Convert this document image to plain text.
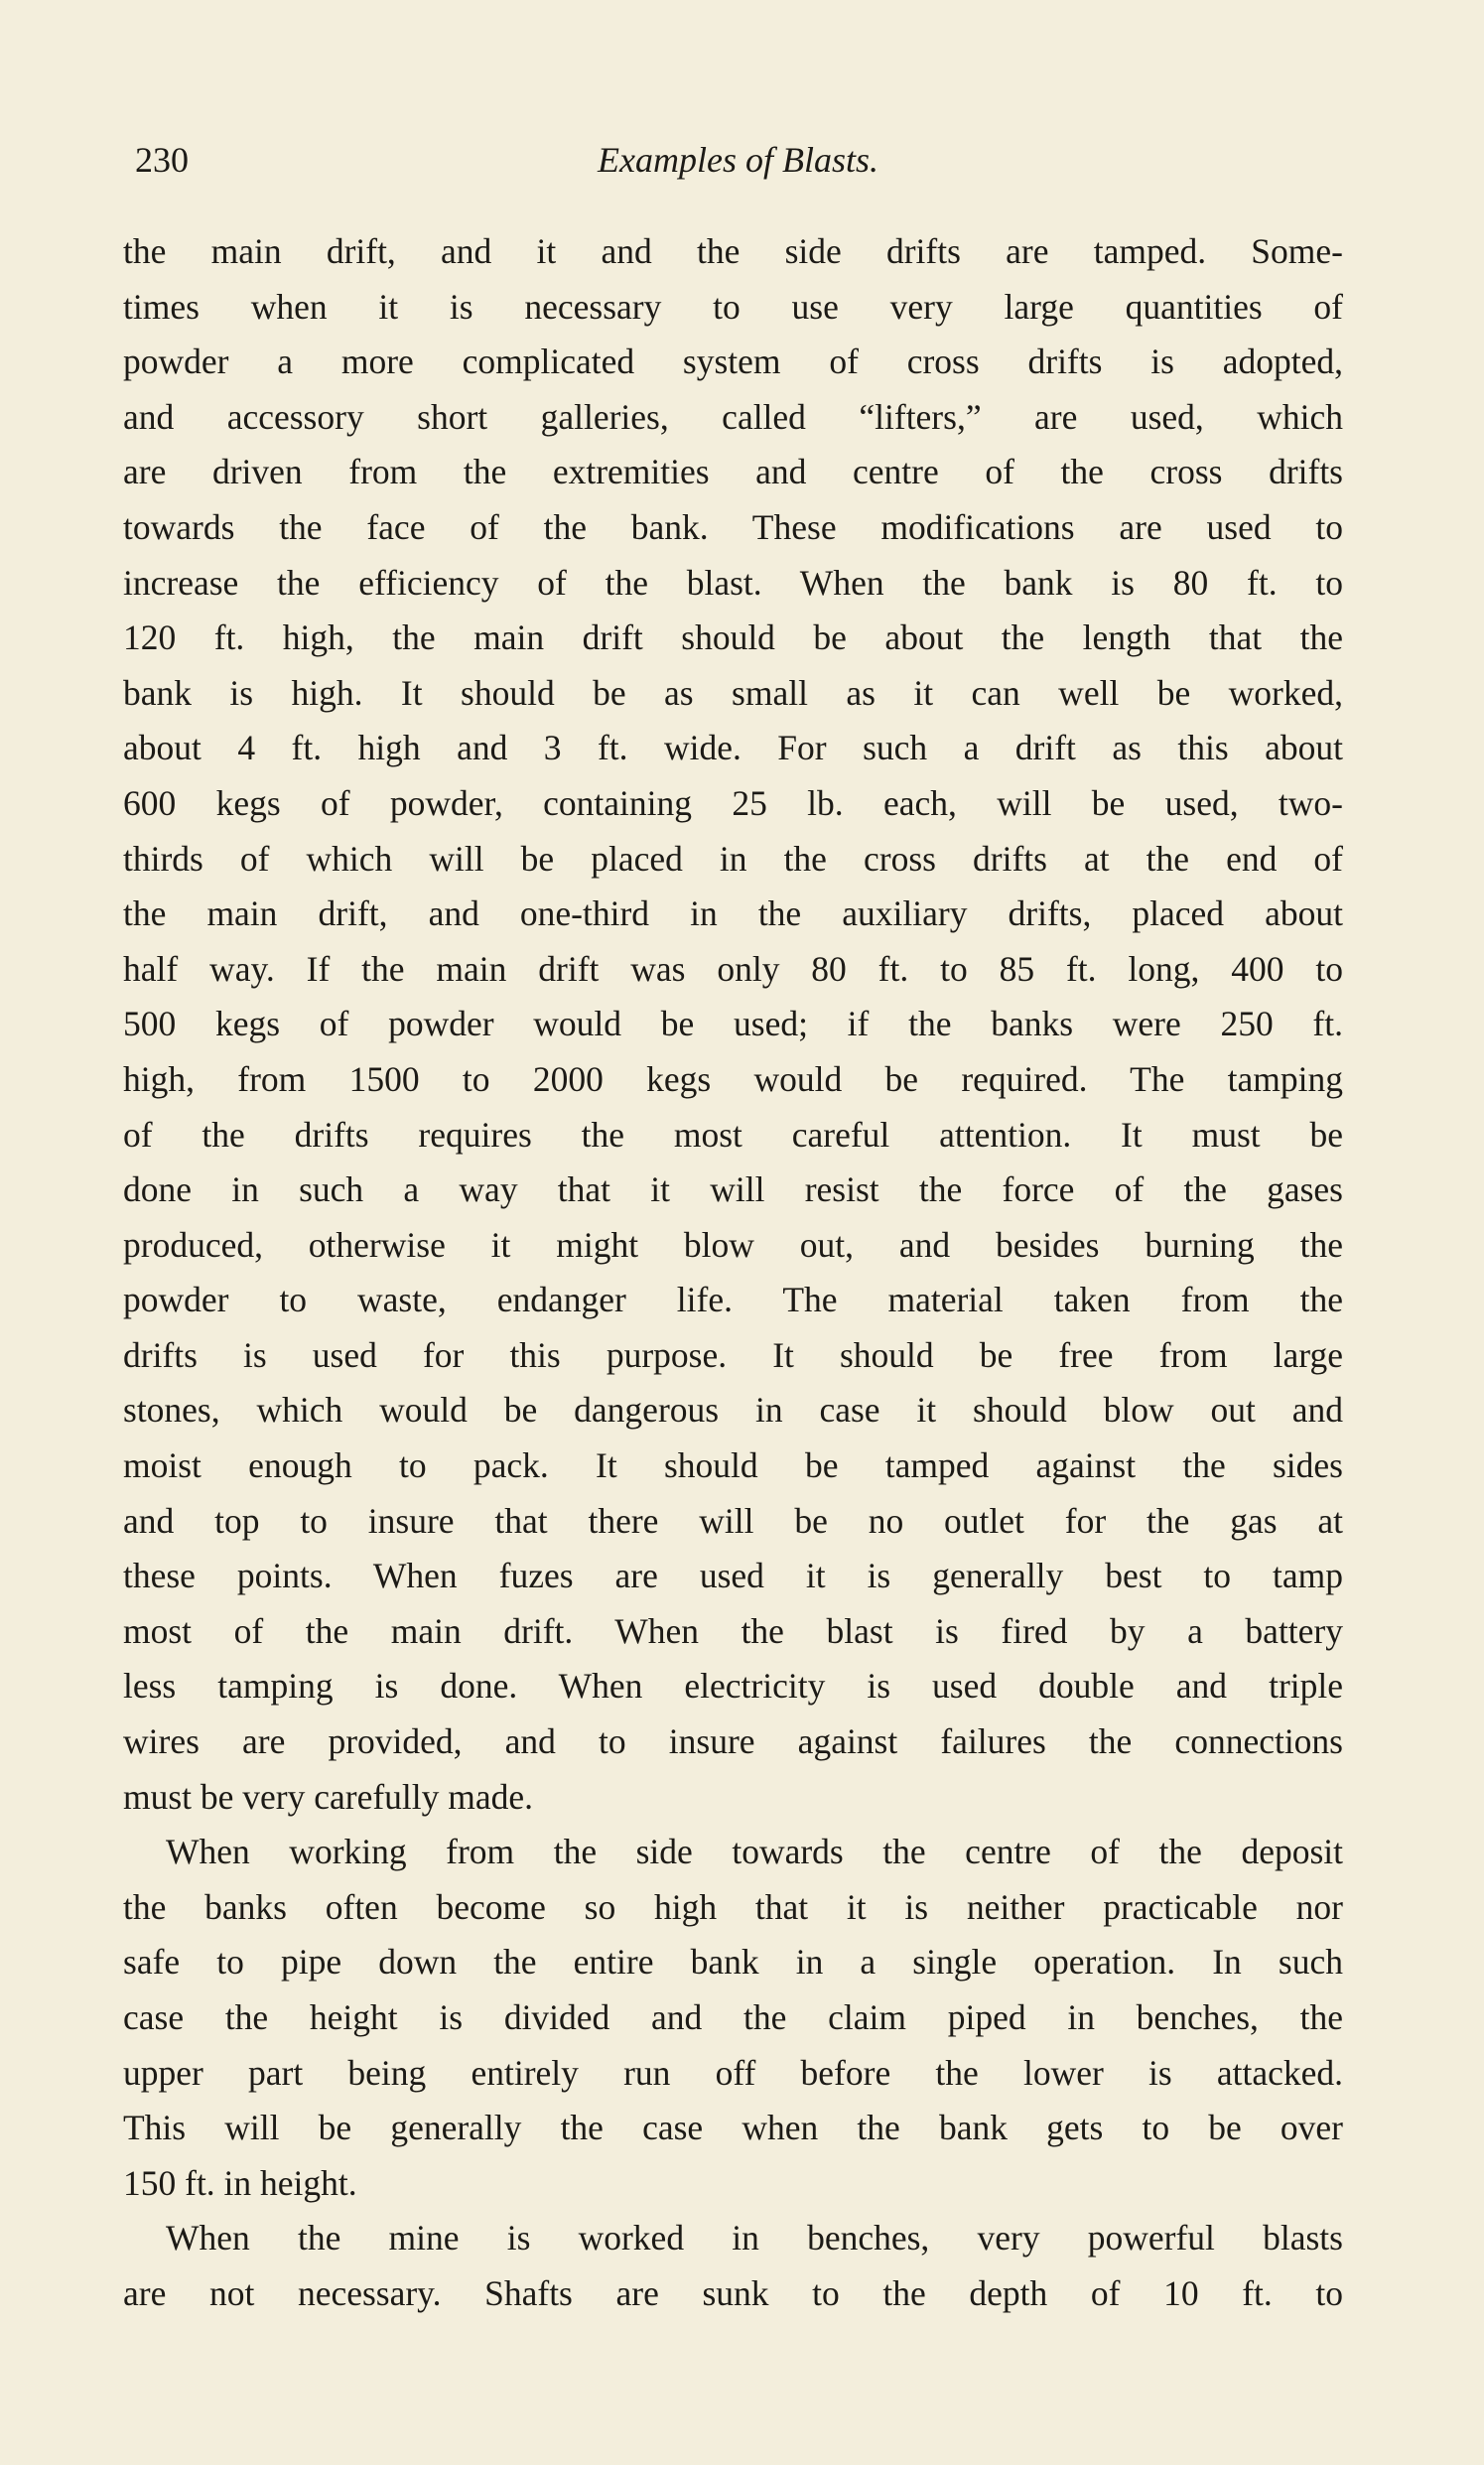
230	Examples of Blasts.
the main drift, and it and the side drifts are tamped. Some-
times when it is necessary to use very large quantities of
powder a more complicated system of cross drifts is adopted,
and accessory short galleries, called “lifters,” are used, which
are driven from the extremities and centre of the cross drifts
towards the face of the bank. These modifications are used to
increase the efficiency of the blast. When the bank is 80 ft. to
120 ft. high, the main drift should be about the length that the
bank is high. It should be as small as it can well be worked,
about 4 ft. high and 3 ft. wide. For such a drift as this about
600 kegs of powder, containing 25 lb. each, will be used, two-
thirds of which will be placed in the cross drifts at the end of
the main drift, and one-third in the auxiliary drifts, placed about
half way. If the main drift was only 80 ft. to 85 ft. long, 400 to
500 kegs of powder would be used; if the banks were 250 ft.
high, from 1500 to 2000 kegs would be required. The tamping
of the drifts requires the most careful attention. It must be
done in such a way that it will resist the force of the gases
produced, otherwise it might blow out, and besides burning the
powder to waste, endanger life. The material taken from the
drifts is used for this purpose. It should be free from large
stones, which would be dangerous in case it should blow out and
moist enough to pack. It should be tamped against the sides
and top to insure that there will be no outlet for the gas at
these points. When fuzes are used it is generally best to tamp
most of the main drift. When the blast is fired by a battery
less tamping is done. When electricity is used double and triple
wires are provided, and to insure against failures the connections
must be very carefully made.
When working from the side towards the centre of the deposit
the banks often become so high that it is neither practicable nor
safe to pipe down the entire bank in a single operation. In such
case the height is divided and the claim piped in benches, the
upper part being entirely run off before the lower is attacked.
This will be generally the case when the bank gets to be over
150 ft. in height.
When the mine is worked in benches, very powerful blasts
are not necessary. Shafts are sunk to the depth of 10 ft. to
